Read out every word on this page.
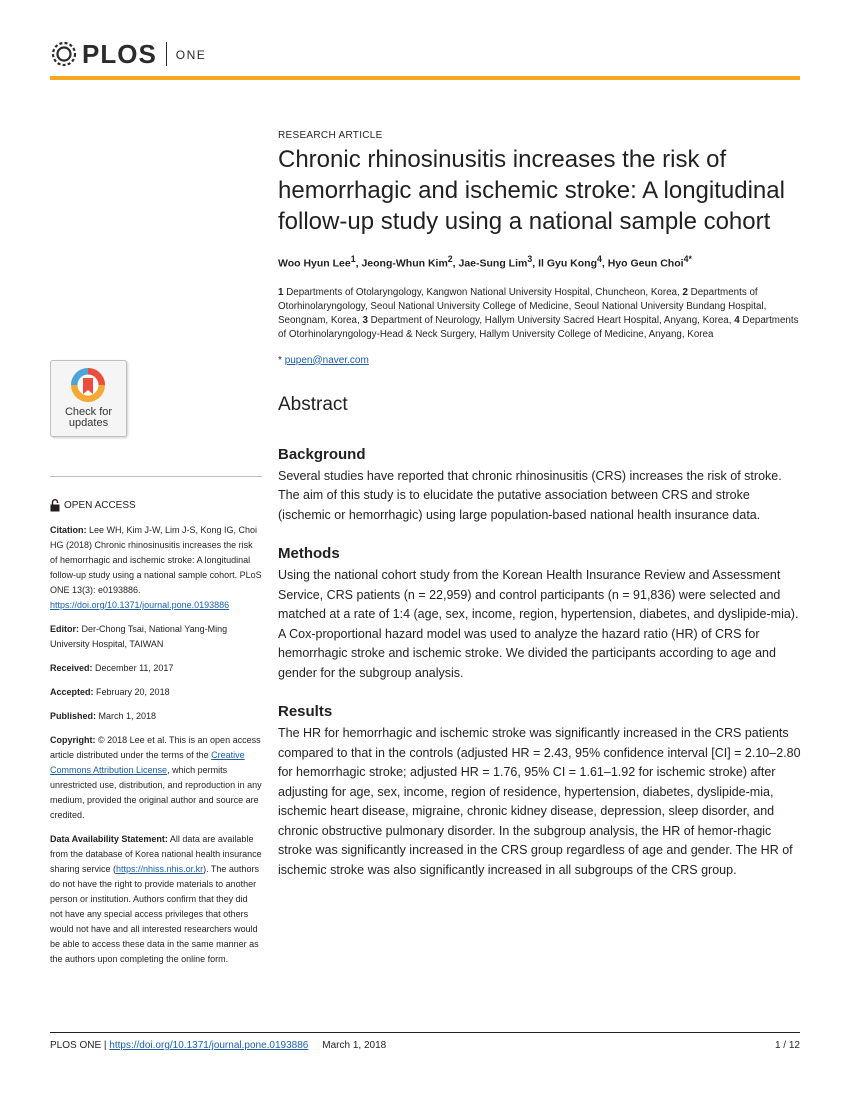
PLOS ONE
Check for
updates
OPEN ACCESS

Citation: Lee WH, Kim J-W, Lim J-S, Kong IG, Choi HG (2018) Chronic rhinosinusitis increases the risk of hemorrhagic and ischemic stroke: A longitudinal follow-up study using a national sample cohort. PLoS ONE 13(3): e0193886. https://doi.org/10.1371/journal.pone.0193886

Editor: Der-Chong Tsai, National Yang-Ming University Hospital, TAIWAN

Received: December 11, 2017

Accepted: February 20, 2018

Published: March 1, 2018

Copyright: © 2018 Lee et al. This is an open access article distributed under the terms of the Creative Commons Attribution License, which permits unrestricted use, distribution, and reproduction in any medium, provided the original author and source are credited.

Data Availability Statement: All data are available from the database of Korea national health insurance sharing service (https://nhiss.nhis.or.kr). The authors do not have the right to provide materials to another person or institution. Authors confirm that they did not have any special access privileges that others would not have and all interested researchers would be able to access these data in the same manner as the authors upon completing the online form.

RESEARCH ARTICLE
Chronic rhinosinusitis increases the risk of hemorrhagic and ischemic stroke: A longitudinal follow-up study using a national sample cohort
Woo Hyun Lee$^1$, Jeong-Whun Kim$^2$, Jae-Sung Lim$^3$, Il Gyu Kong$^4$, Hyo Geun Choi$^{4*}$
1 Departments of Otolaryngology, Kangwon National University Hospital, Chuncheon, Korea, 2 Departments of Otorhinolaryngology, Seoul National University College of Medicine, Seoul National University Bundang Hospital, Seongnam, Korea, 3 Department of Neurology, Hallym University Sacred Heart Hospital, Anyang, Korea, 4 Departments of Otorhinolaryngology-Head & Neck Surgery, Hallym University College of Medicine, Anyang, Korea
* pupen@naver.com
Abstract
Background

Several studies have reported that chronic rhinosinusitis (CRS) increases the risk of stroke. The aim of this study is to elucidate the putative association between CRS and stroke (ischemic or hemorrhagic) using large population-based national health insurance data.

Methods

Using the national cohort study from the Korean Health Insurance Review and Assessment Service, CRS patients (n = 22,959) and control participants (n = 91,836) were selected and matched at a rate of 1:4 (age, sex, income, region, hypertension, diabetes, and dyslipide-mia). A Cox-proportional hazard model was used to analyze the hazard ratio (HR) of CRS for hemorrhagic stroke and ischemic stroke. We divided the participants according to age and gender for the subgroup analysis.

Results

The HR for hemorrhagic and ischemic stroke was significantly increased in the CRS patients compared to that in the controls (adjusted HR = 2.43, 95% confidence interval [CI] = 2.10–2.80 for hemorrhagic stroke; adjusted HR = 1.76, 95% CI = 1.61–1.92 for ischemic stroke) after adjusting for age, sex, income, region of residence, hypertension, diabetes, dyslipide-mia, ischemic heart disease, migraine, chronic kidney disease, depression, sleep disorder, and chronic obstructive pulmonary disorder. In the subgroup analysis, the HR of hemor-rhagic stroke was significantly increased in the CRS group regardless of age and gender. The HR of ischemic stroke was also significantly increased in all subgroups of the CRS group.

PLOS ONE | https://doi.org/10.1371/journal.pone.0193886 March 1, 2018	1 / 12
